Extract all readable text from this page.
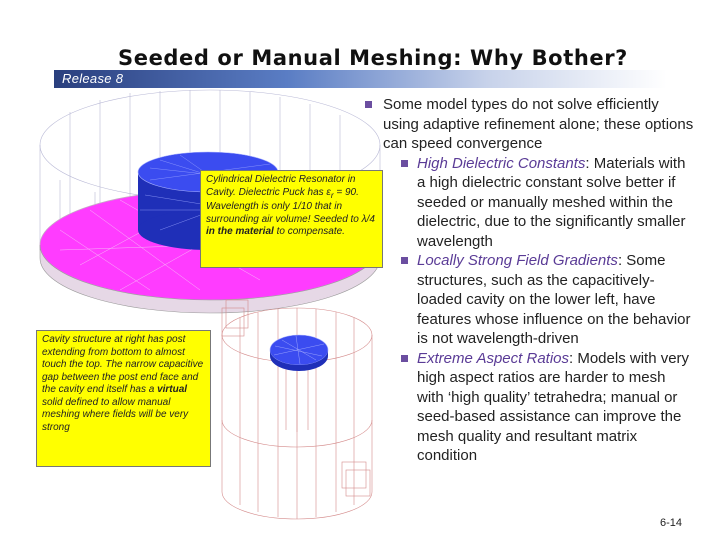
Seeded or Manual Meshing: Why Bother?
Release 8
Cylindrical Dielectric Resonator in Cavity. Dielectric Puck has $\varepsilon_r = 90$. Wavelength is only 1/10 that in surrounding air volume! Seeded to λ/4 in the material to compensate.
Cavity structure at right has post extending from bottom to almost touch the top. The narrow capacitive gap between the post end face and the cavity end itself has a virtual solid defined to allow manual meshing where fields will be very strong
Some model types do not solve efficiently using adaptive refinement alone; these options can speed convergence
High Dielectric Constants: Materials with a high dielectric constant solve better if seeded or manually meshed within the dielectric, due to the significantly smaller wavelength
Locally Strong Field Gradients: Some structures, such as the capacitively-loaded cavity on the lower left, have features whose influence on the behavior is not wavelength-driven
Extreme Aspect Ratios: Models with very high aspect ratios are harder to mesh with ‘high quality’ tetrahedra; manual or seed-based assistance can improve the mesh quality and resultant matrix condition
6-14
